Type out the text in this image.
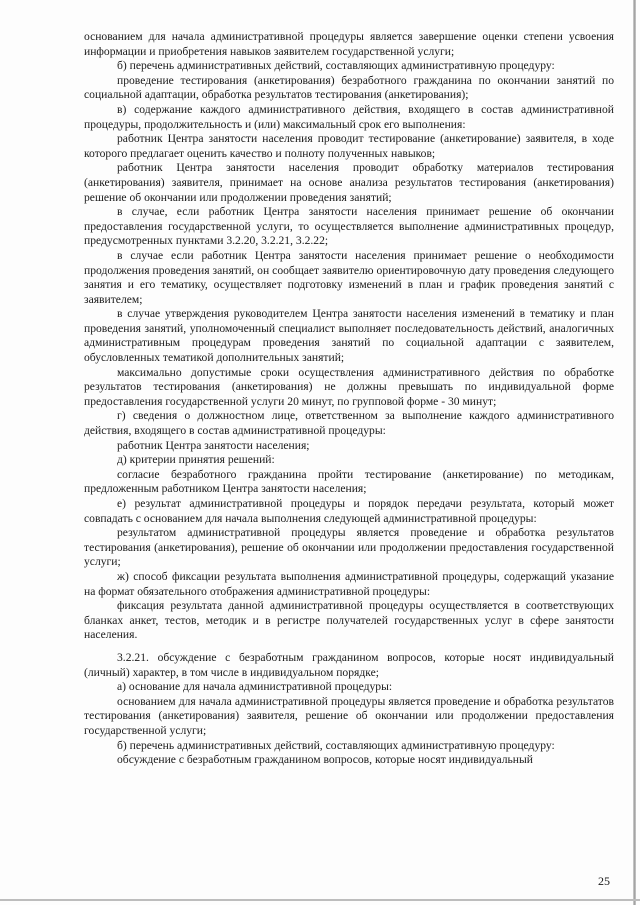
основанием для начала административной процедуры является завершение оценки степени усвоения информации и приобретения навыков заявителем государственной услуги;

б) перечень административных действий, составляющих административную процедуру:

проведение тестирования (анкетирования) безработного гражданина по окончании занятий по социальной адаптации, обработка результатов тестирования (анкетирования);

в) содержание каждого административного действия, входящего в состав административной процедуры, продолжительность и (или) максимальный срок его выполнения:

работник Центра занятости населения проводит тестирование (анкетирование) заявителя, в ходе которого предлагает оценить качество и полноту полученных навыков;

работник Центра занятости населения проводит обработку материалов тестирования (анкетирования) заявителя, принимает на основе анализа результатов тестирования (анкетирования) решение об окончании или продолжении проведения занятий;

в случае, если работник Центра занятости населения принимает решение об окончании предоставления государственной услуги, то осуществляется выполнение административных процедур, предусмотренных пунктами 3.2.20, 3.2.21, 3.2.22;

в случае если работник Центра занятости населения принимает решение о необходимости продолжения проведения занятий, он сообщает заявителю ориентировочную дату проведения следующего занятия и его тематику, осуществляет подготовку изменений в план и график проведения занятий с заявителем;

в случае утверждения руководителем Центра занятости населения изменений в тематику и план проведения занятий, уполномоченный специалист выполняет последовательность действий, аналогичных административным процедурам проведения занятий по социальной адаптации с заявителем, обусловленных тематикой дополнительных занятий;

максимально допустимые сроки осуществления административного действия по обработке результатов тестирования (анкетирования) не должны превышать по индивидуальной форме предоставления государственной услуги 20 минут, по групповой форме - 30 минут;

г) сведения о должностном лице, ответственном за выполнение каждого административного действия, входящего в состав административной процедуры:

работник Центра занятости населения;

д) критерии принятия решений:

согласие безработного гражданина пройти тестирование (анкетирование) по методикам, предложенным работником Центра занятости населения;

е) результат административной процедуры и порядок передачи результата, который может совпадать с основанием для начала выполнения следующей административной процедуры:

результатом административной процедуры является проведение и обработка результатов тестирования (анкетирования), решение об окончании или продолжении предоставления государственной услуги;

ж) способ фиксации результата выполнения административной процедуры, содержащий указание на формат обязательного отображения административной процедуры:

фиксация результата данной административной процедуры осуществляется в соответствующих бланках анкет, тестов, методик и в регистре получателей государственных услуг в сфере занятости населения.

3.2.21. обсуждение с безработным гражданином вопросов, которые носят индивидуальный (личный) характер, в том числе в индивидуальном порядке;

а) основание для начала административной процедуры:

основанием для начала административной процедуры является проведение и обработка результатов тестирования (анкетирования) заявителя, решение об окончании или продолжении предоставления государственной услуги;

б) перечень административных действий, составляющих административную процедуру:

обсуждение с безработным гражданином вопросов, которые носят индивидуальный

25
